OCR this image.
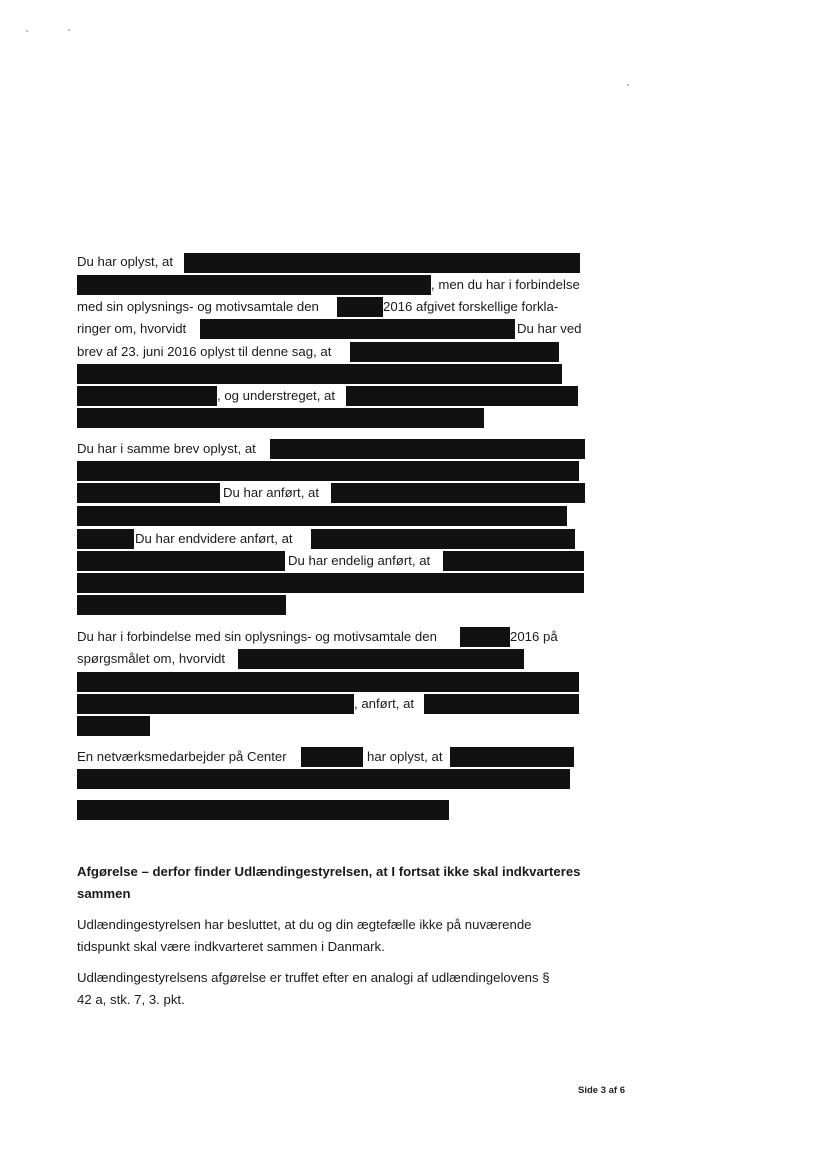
Du har oplyst, at
, men du har i forbindelse
med sin oplysnings- og motivsamtale den	2016 afgivet forskellige forkla-
ringer om, hvorvidt	Du har ved
brev af 23. juni 2016 oplyst til denne sag, at
, og understreget, at
Du har i samme brev oplyst, at
Du har anført, at
Du har endvidere anført, at
Du har endelig anført, at
Du har i forbindelse med sin oplysnings- og motivsamtale den	2016 på
spørgsmålet om, hvorvidt
, anført, at
En netværksmedarbejder på Center	har oplyst, at
Afgørelse – derfor finder Udlændingestyrelsen, at I fortsat ikke skal indkvarteres
sammen
Udlændingestyrelsen har besluttet, at du og din ægtefælle ikke på nuværende
tidspunkt skal være indkvarteret sammen i Danmark.
Udlændingestyrelsens afgørelse er truffet efter en analogi af udlændingelovens §
42 a, stk. 7, 3. pkt.
Side 3 af 6
